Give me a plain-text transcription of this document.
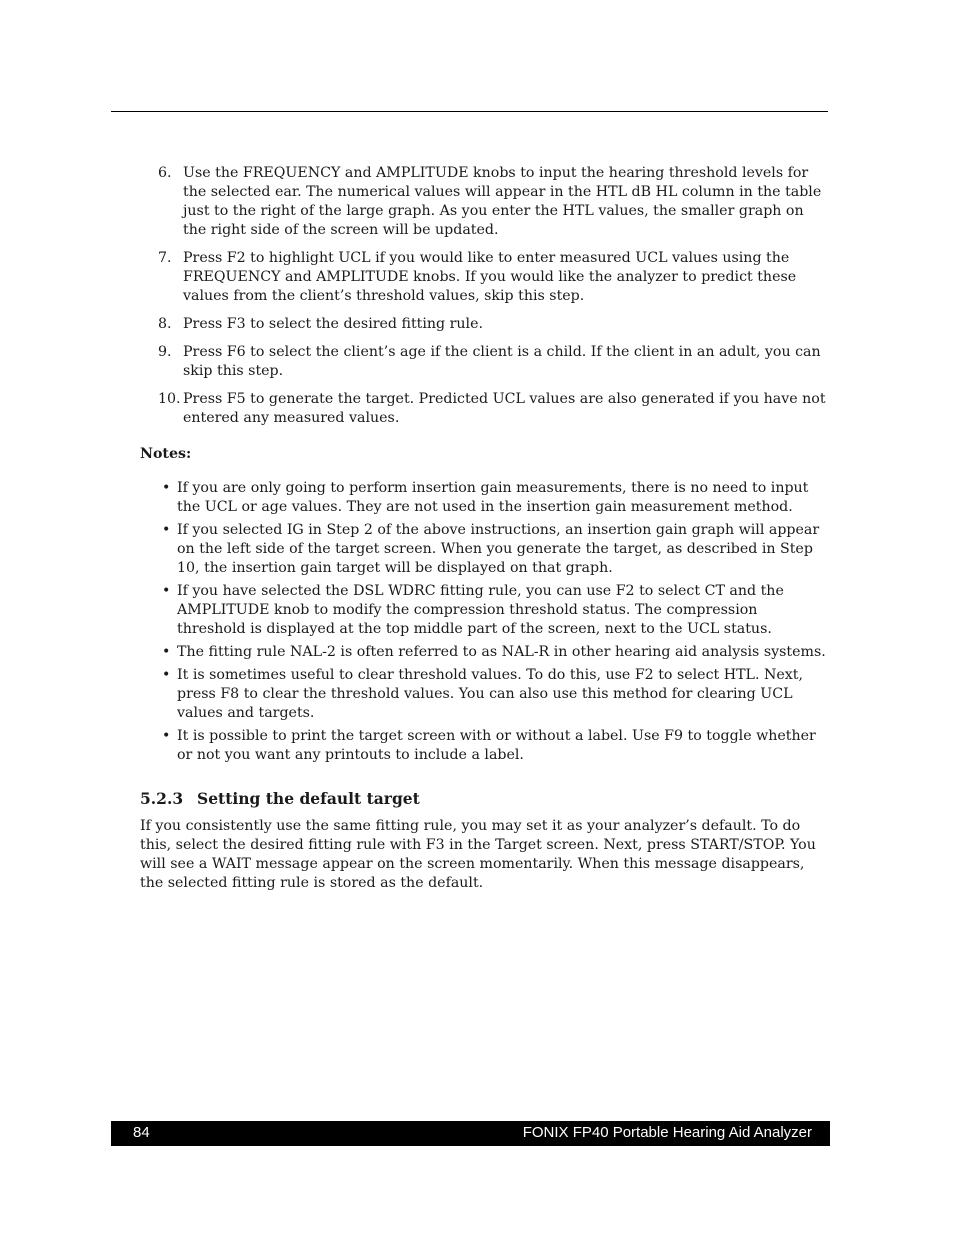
6. Use the FREQUENCY and AMPLITUDE knobs to input the hearing threshold levels for the selected ear. The numerical values will appear in the HTL dB HL column in the table just to the right of the large graph. As you enter the HTL values, the smaller graph on the right side of the screen will be updated.
7. Press F2 to highlight UCL if you would like to enter measured UCL values using the FREQUENCY and AMPLITUDE knobs. If you would like the analyzer to predict these values from the client’s threshold values, skip this step.
8. Press F3 to select the desired fitting rule.
9. Press F6 to select the client’s age if the client is a child. If the client in an adult, you can skip this step.
10. Press F5 to generate the target. Predicted UCL values are also generated if you have not entered any measured values.
Notes:
• If you are only going to perform insertion gain measurements, there is no need to input the UCL or age values. They are not used in the insertion gain measurement method.
• If you selected IG in Step 2 of the above instructions, an insertion gain graph will appear on the left side of the target screen. When you generate the target, as described in Step 10, the insertion gain target will be displayed on that graph.
• If you have selected the DSL WDRC fitting rule, you can use F2 to select CT and the AMPLITUDE knob to modify the compression threshold status. The compression threshold is displayed at the top middle part of the screen, next to the UCL status.
• The fitting rule NAL-2 is often referred to as NAL-R in other hearing aid analysis systems.
• It is sometimes useful to clear threshold values. To do this, use F2 to select HTL. Next, press F8 to clear the threshold values. You can also use this method for clearing UCL values and targets.
• It is possible to print the target screen with or without a label. Use F9 to toggle whether or not you want any printouts to include a label.
5.2.3 Setting the default target

If you consistently use the same fitting rule, you may set it as your analyzer’s default. To do this, select the desired fitting rule with F3 in the Target screen. Next, press START/STOP. You will see a WAIT message appear on the screen momentarily. When this message disappears, the selected fitting rule is stored as the default.

84	FONIX FP40 Portable Hearing Aid Analyzer
